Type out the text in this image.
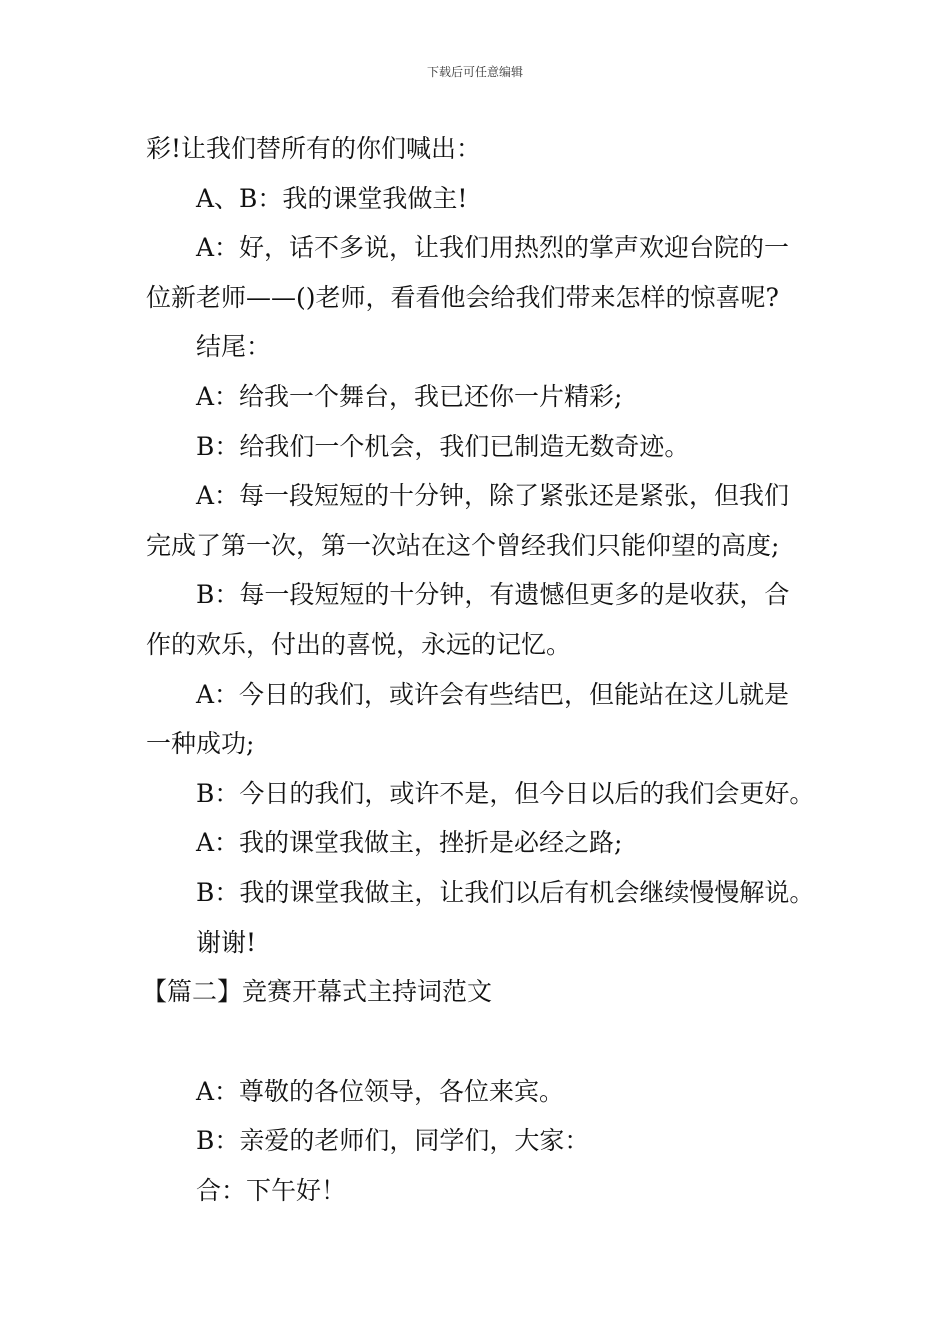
下载后可任意编辑
彩!让我们替所有的你们喊出：
A、B：我的课堂我做主!
A：好，话不多说，让我们用热烈的掌声欢迎台院的一
位新老师——()老师，看看他会给我们带来怎样的惊喜呢?
结尾：
A：给我一个舞台，我已还你一片精彩;
B：给我们一个机会，我们已制造无数奇迹。
A：每一段短短的十分钟，除了紧张还是紧张，但我们
完成了第一次，第一次站在这个曾经我们只能仰望的高度;
B：每一段短短的十分钟，有遗憾但更多的是收获，合
作的欢乐，付出的喜悦，永远的记忆。
A：今日的我们，或许会有些结巴，但能站在这儿就是
一种成功;
B：今日的我们，或许不是，但今日以后的我们会更好。
A：我的课堂我做主，挫折是必经之路;
B：我的课堂我做主，让我们以后有机会继续慢慢解说。
谢谢!
【篇二】竞赛开幕式主持词范文
A：尊敬的各位领导，各位来宾。
B：亲爱的老师们，同学们，大家：
合：下午好！
